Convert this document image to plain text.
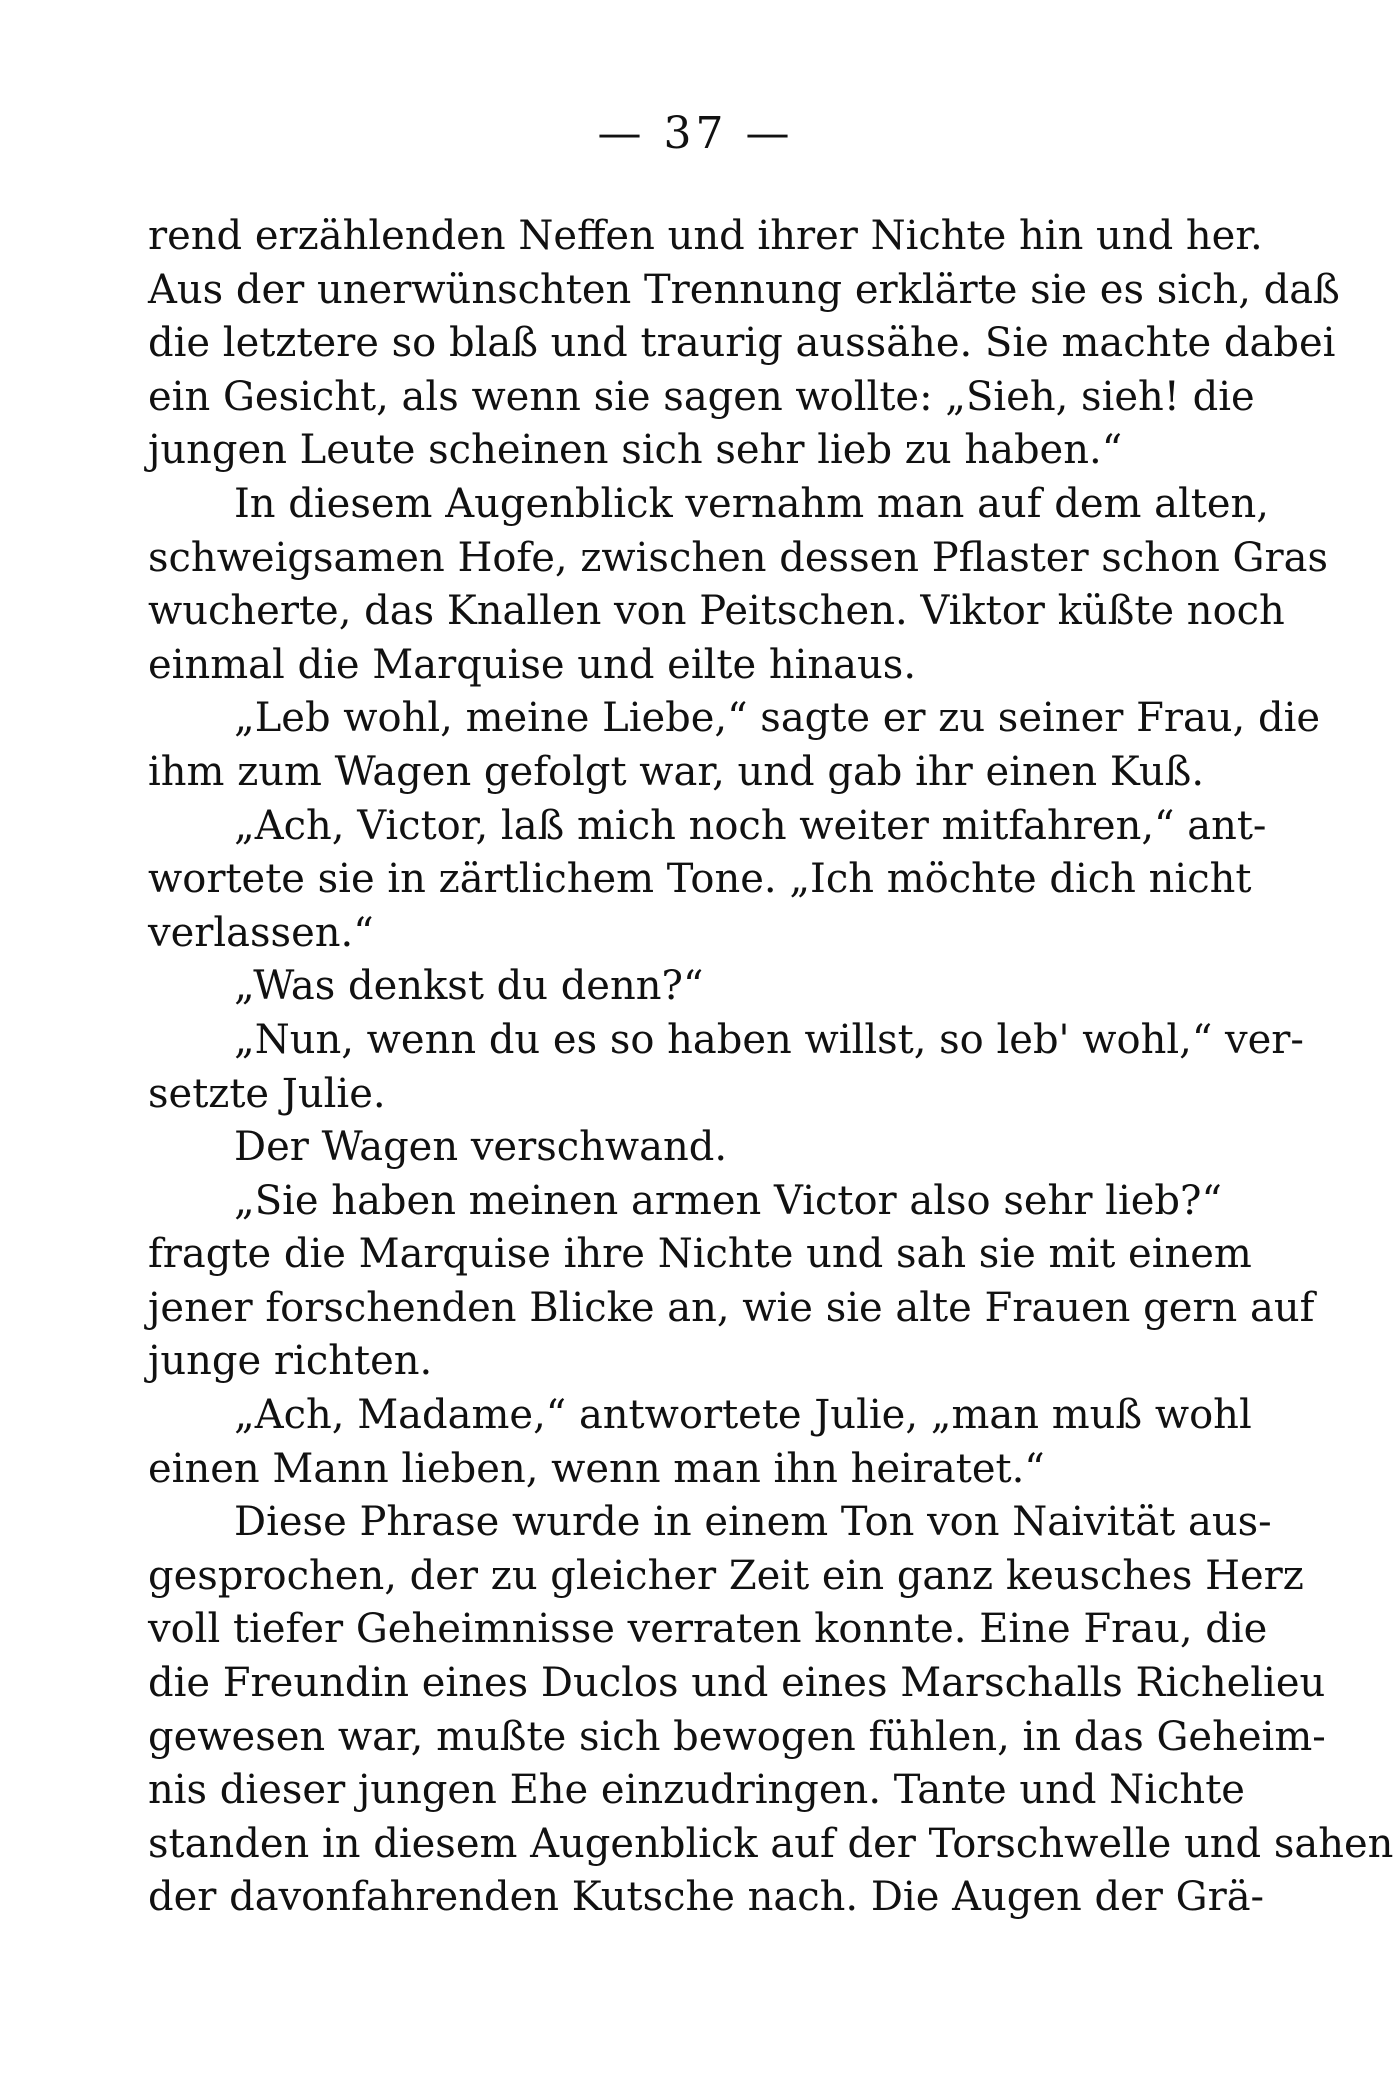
— 37 —
rend erzählenden Neffen und ihrer Nichte hin und her.
Aus der unerwünschten Trennung erklärte sie es sich, daß
die letztere so blaß und traurig aussähe. Sie machte dabei
ein Gesicht, als wenn sie sagen wollte: „Sieh, sieh! die
jungen Leute scheinen sich sehr lieb zu haben.“
In diesem Augenblick vernahm man auf dem alten,
schweigsamen Hofe, zwischen dessen Pflaster schon Gras
wucherte, das Knallen von Peitschen. Viktor küßte noch
einmal die Marquise und eilte hinaus.
„Leb wohl, meine Liebe,“ sagte er zu seiner Frau, die
ihm zum Wagen gefolgt war, und gab ihr einen Kuß.
„Ach, Victor, laß mich noch weiter mitfahren,“ ant-
wortete sie in zärtlichem Tone. „Ich möchte dich nicht
verlassen.“
„Was denkst du denn?“
„Nun, wenn du es so haben willst, so leb' wohl,“ ver-
setzte Julie.
Der Wagen verschwand.
„Sie haben meinen armen Victor also sehr lieb?“
fragte die Marquise ihre Nichte und sah sie mit einem
jener forschenden Blicke an, wie sie alte Frauen gern auf
junge richten.
„Ach, Madame,“ antwortete Julie, „man muß wohl
einen Mann lieben, wenn man ihn heiratet.“
Diese Phrase wurde in einem Ton von Naivität aus-
gesprochen, der zu gleicher Zeit ein ganz keusches Herz
voll tiefer Geheimnisse verraten konnte. Eine Frau, die
die Freundin eines Duclos und eines Marschalls Richelieu
gewesen war, mußte sich bewogen fühlen, in das Geheim-
nis dieser jungen Ehe einzudringen. Tante und Nichte
standen in diesem Augenblick auf der Torschwelle und sahen
der davonfahrenden Kutsche nach. Die Augen der Grä-
